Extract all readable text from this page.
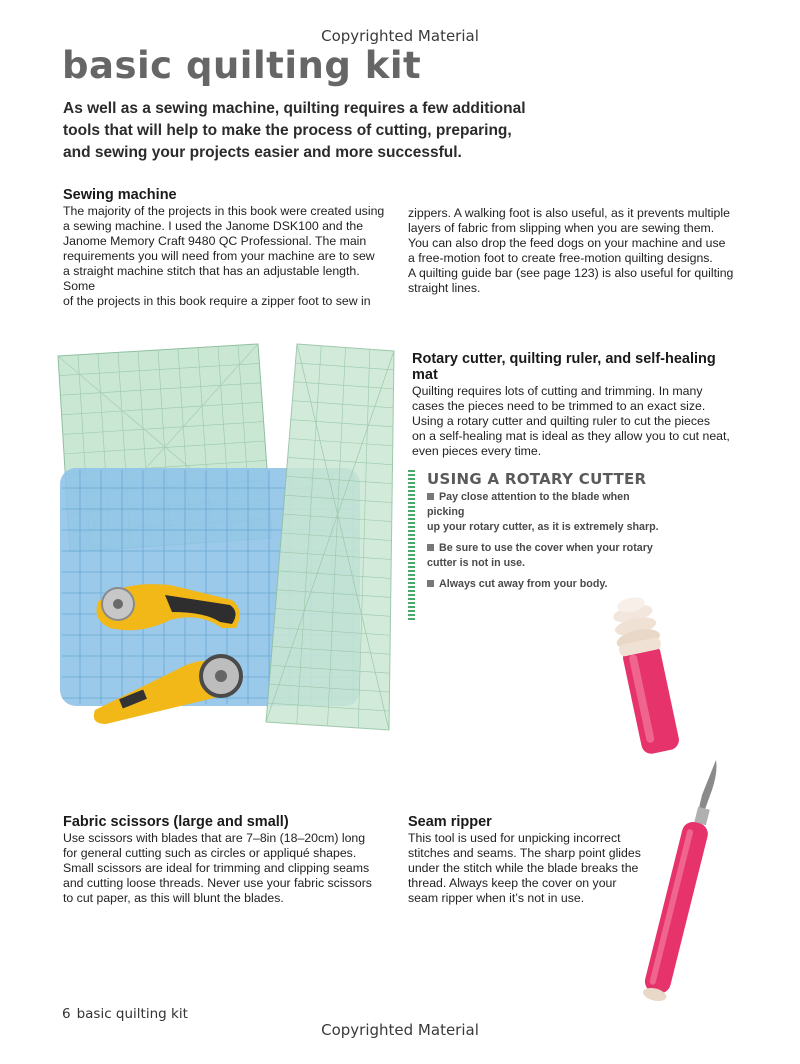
Copyrighted Material
basic quilting kit

As well as a sewing machine, quilting requires a few additional tools that will help to make the process of cutting, preparing, and sewing your projects easier and more successful.

Sewing machine
The majority of the projects in this book were created using
a sewing machine. I used the Janome DSK100 and the
Janome Memory Craft 9480 QC Professional. The main
requirements you will need from your machine are to sew
a straight machine stitch that has an adjustable length. Some
of the projects in this book require a zipper foot to sew in
zippers. A walking foot is also useful, as it prevents multiple
layers of fabric from slipping when you are sewing them.
You can also drop the feed dogs on your machine and use
a free-motion foot to create free-motion quilting designs.
A quilting guide bar (see page 123) is also useful for quilting
straight lines.
Rotary cutter, quilting ruler, and self-healing mat
Quilting requires lots of cutting and trimming. In many
cases the pieces need to be trimmed to an exact size.
Using a rotary cutter and quilting ruler to cut the pieces
on a self-healing mat is ideal as they allow you to cut neat,
even pieces every time.
USING A ROTARY CUTTER
Pay close attention to the blade when picking
up your rotary cutter, as it is extremely sharp.
Be sure to use the cover when your rotary
cutter is not in use.
Always cut away from your body.
Fabric scissors (large and small)
Use scissors with blades that are 7–8in (18–20cm) long
for general cutting such as circles or appliqué shapes.
Small scissors are ideal for trimming and clipping seams
and cutting loose threads. Never use your fabric scissors
to cut paper, as this will blunt the blades.
Seam ripper
This tool is used for unpicking incorrect
stitches and seams. The sharp point glides
under the stitch while the blade breaks the
thread. Always keep the cover on your
seam ripper when it’s not in use.
6 basic quilting kit
Copyrighted Material
